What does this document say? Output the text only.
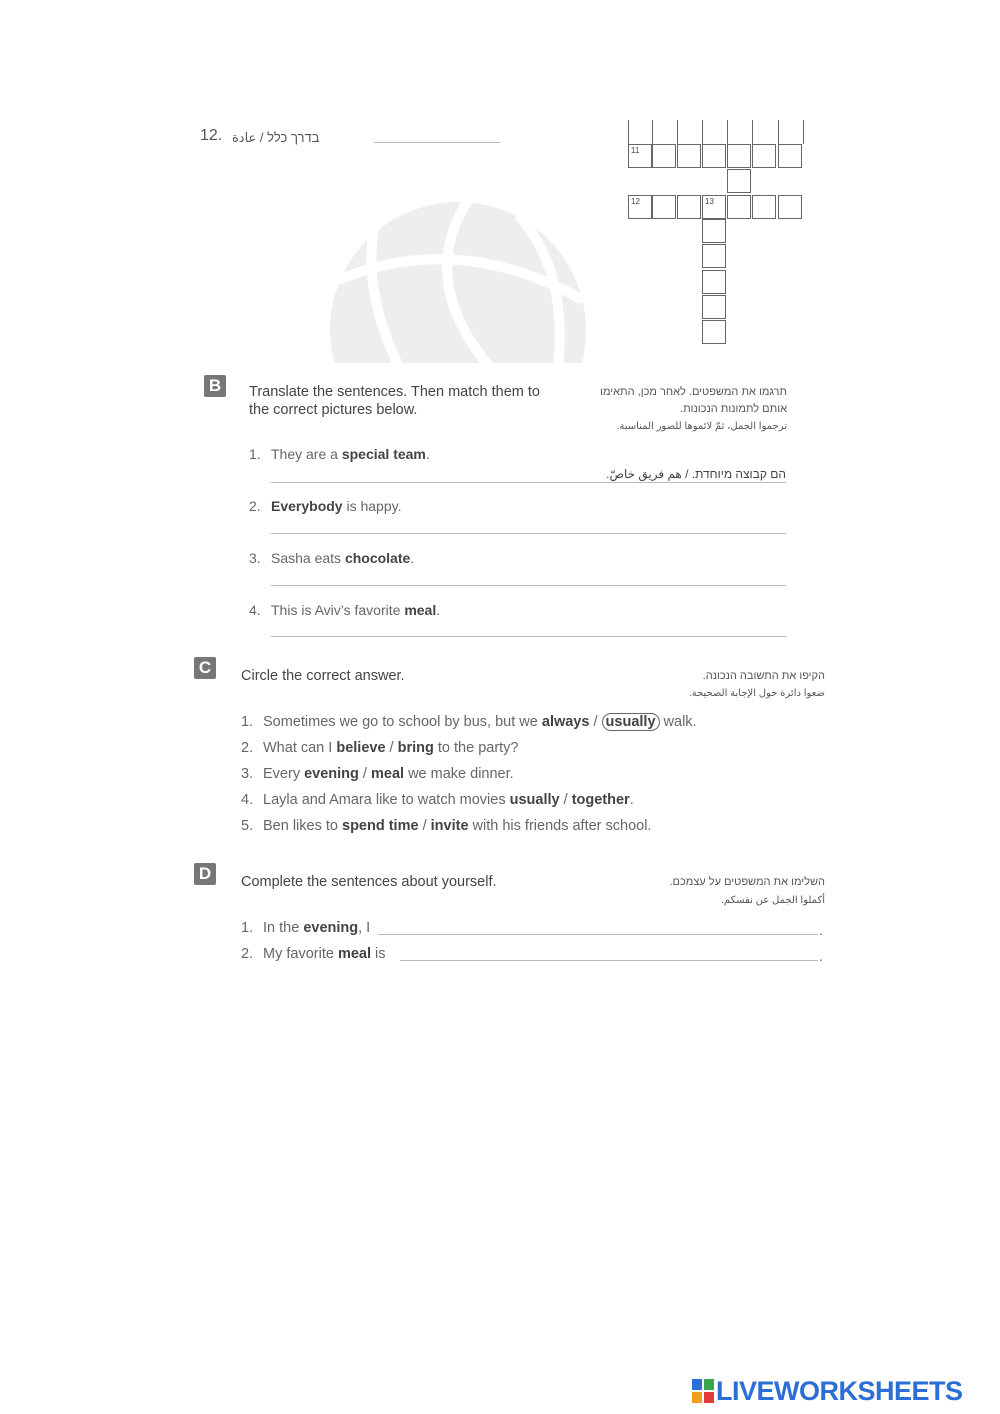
12. בדרך כלל / عادة
11
12	13
B	Translate the sentences. Then match them to the correct pictures below.
תרגמו את המשפטים. לאחר מכן, התאימו אותם לתמונות הנכונות.
ترجموا الجمل، ثمّ لائموها للصور المناسبة.
1. They are a special team.
הם קבוצה מיוחדת. / هم فريق خاصّ.
2. Everybody is happy.
3. Sasha eats chocolate.
4. This is Aviv’s favorite meal.
C	Circle the correct answer.	הקיפו את התשובה הנכונה.
ضعوا دائرة حول الإجابة الصحيحة.
1. Sometimes we go to school by bus, but we always / usually walk.
2. What can I believe / bring to the party?
3. Every evening / meal we make dinner.
4. Layla and Amara like to watch movies usually / together.
5. Ben likes to spend time / invite with his friends after school.
D	Complete the sentences about yourself.	השלימו את המשפטים על עצמכם.
أكملوا الجمل عن نفسكم.
1. In the evening, I	.
2. My favorite meal is	.
LIVEWORKSHEETS
